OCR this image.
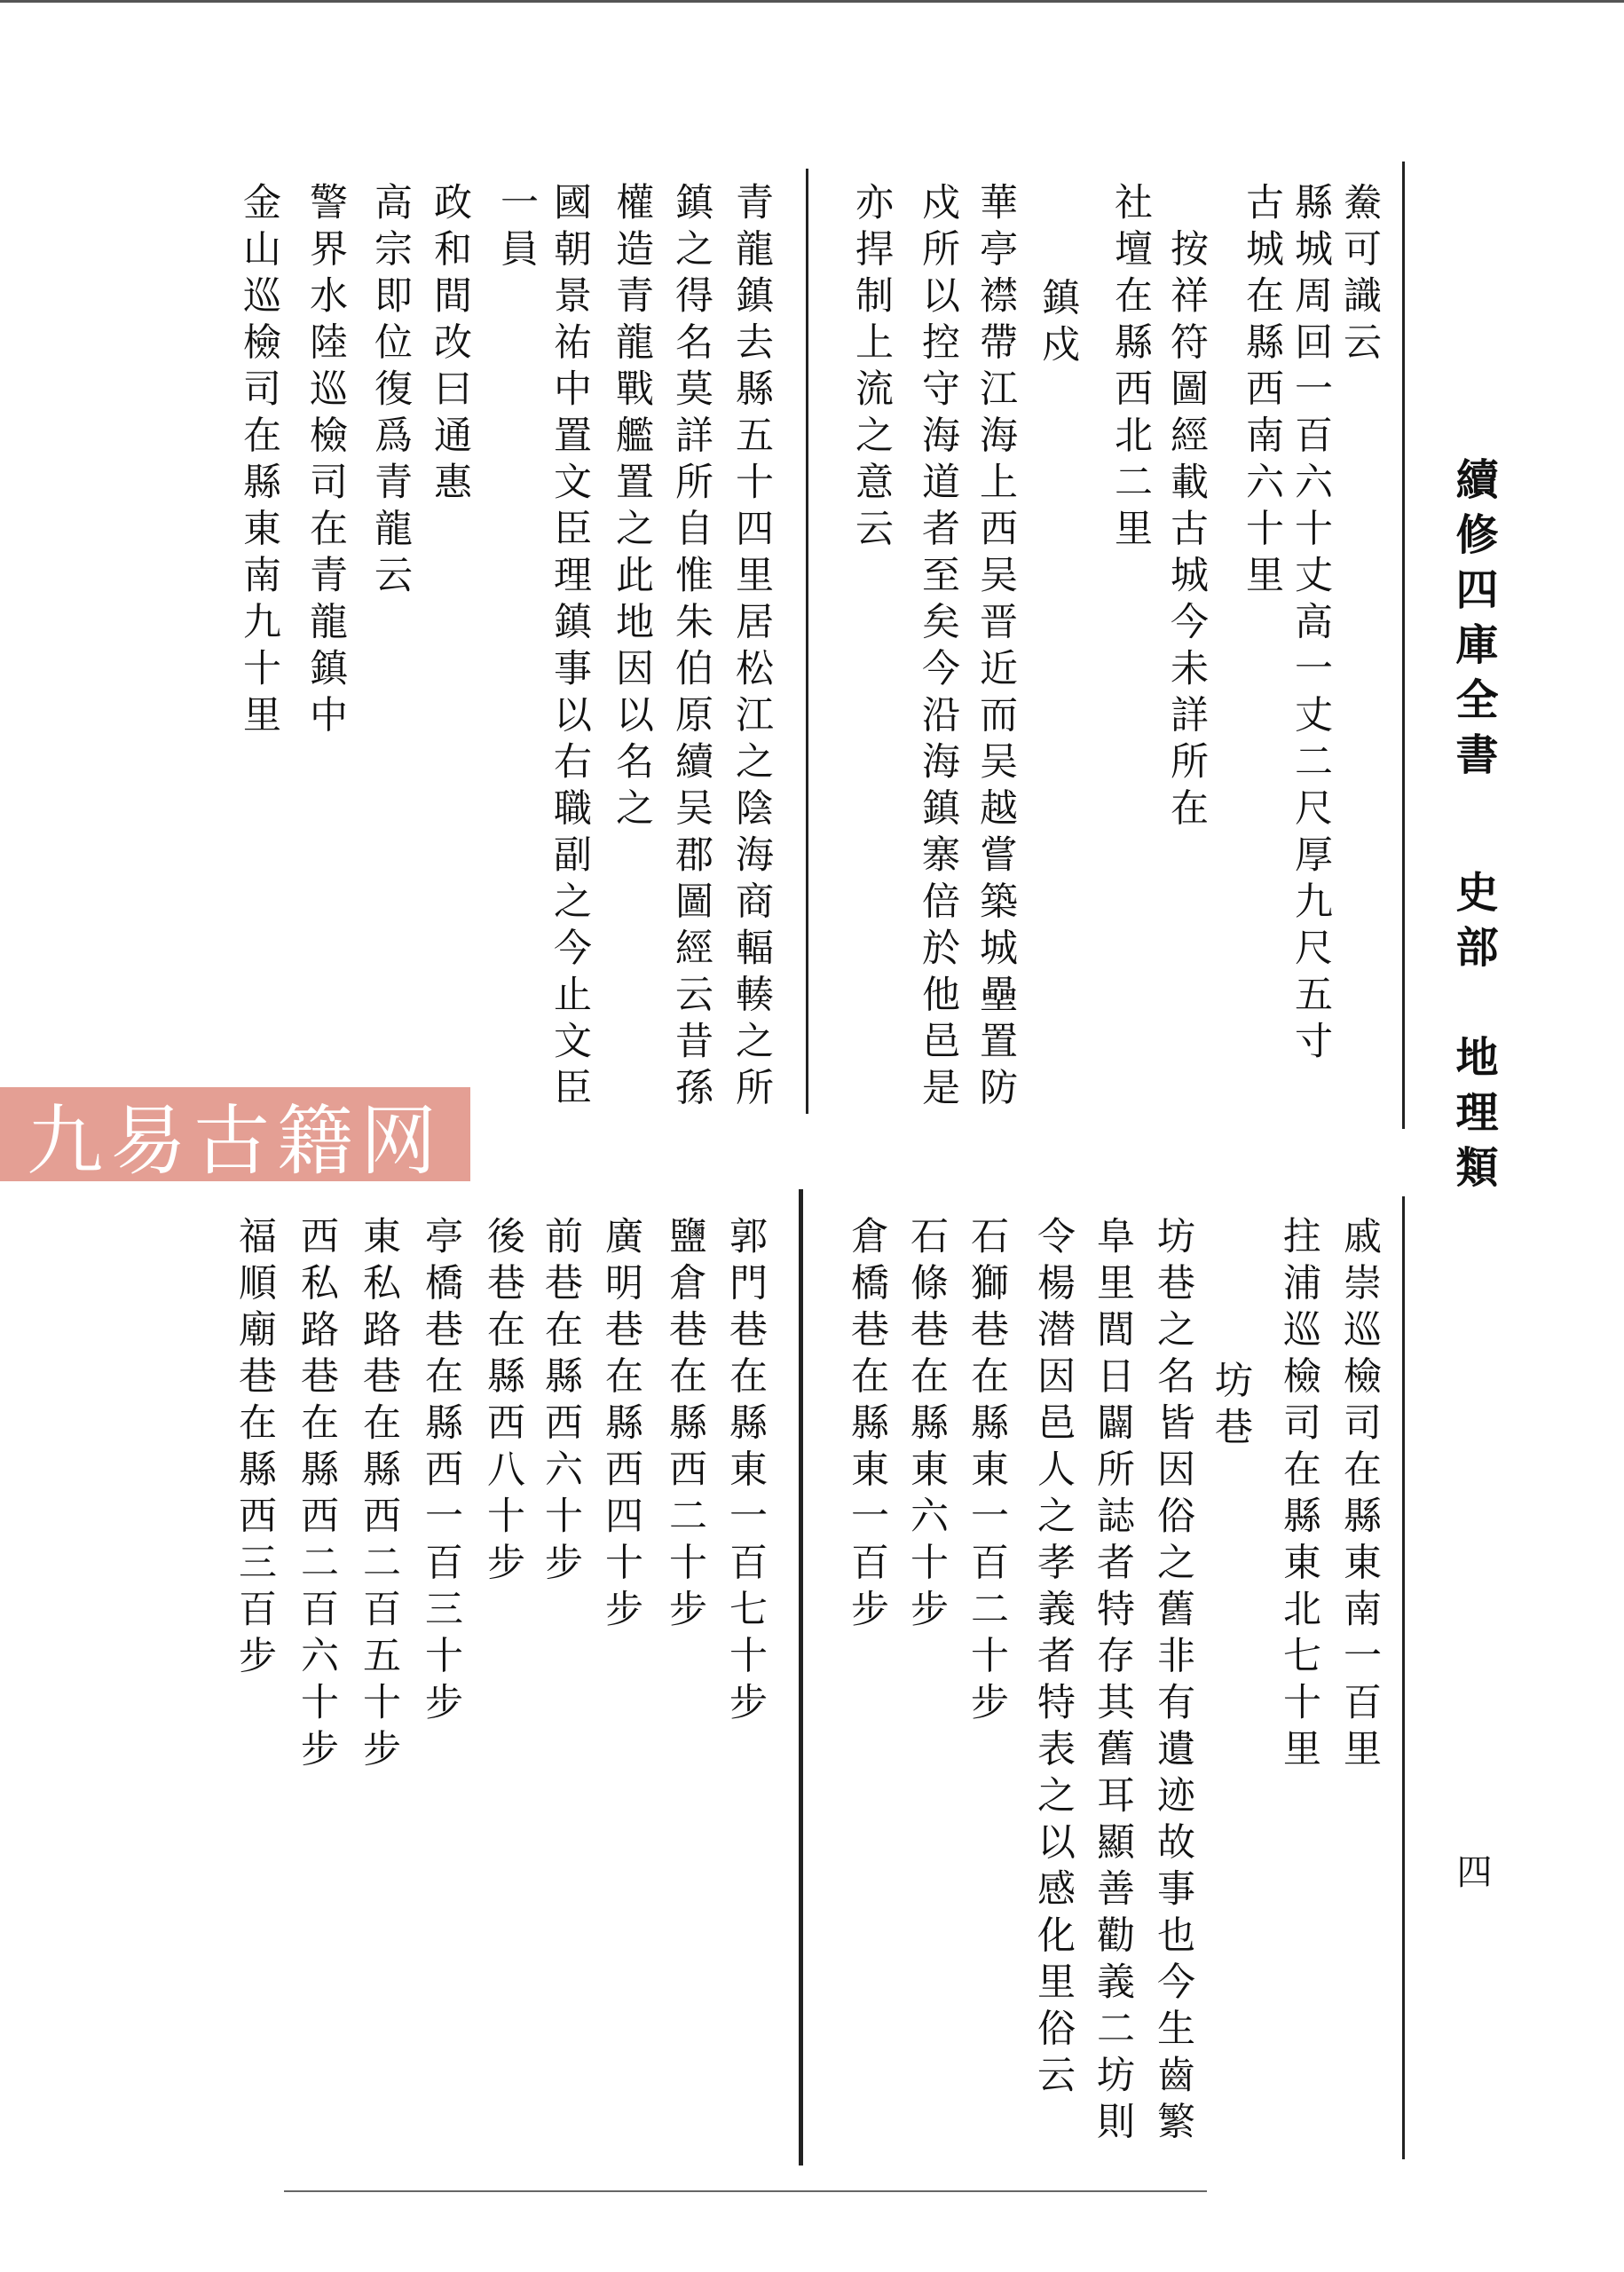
續修四庫全書
史部　地理類
四
鮝可識云
縣城周回一百六十丈高一丈二尺厚九尺五寸
古城在縣西南六十里
　按祥符圖經載古城今未詳所在
社壇在縣西北二里
　鎮戍
華亭襟帶江海上西吴晋近而吴越嘗築城壘置防
戍所以控守海道者至矣今沿海鎮寨倍於他邑是
亦捍制上流之意云
青龍鎮去縣五十四里居松江之陰海商輻輳之所
鎮之得名莫詳所自惟朱伯原續吴郡圖經云昔孫
權造青龍戰艦置之此地因以名之
國朝景祐中置文臣理鎮事以右職副之今止文臣
一員
政和間改曰通惠
高宗即位復爲青龍云
警界水陸巡檢司在青龍鎮中
金山巡檢司在縣東南九十里
戚崇巡檢司在縣東南一百里
拄浦巡檢司在縣東北七十里
　坊巷
坊巷之名皆因俗之舊非有遺迹故事也今生齒繁
阜里閭日闢所誌者特存其舊耳顯善勸義二坊則
令楊潜因邑人之孝義者特表之以感化里俗云
石獅巷在縣東一百二十步
石條巷在縣東六十步
倉橋巷在縣東一百步
郭門巷在縣東一百七十步
鹽倉巷在縣西二十步
廣明巷在縣西四十步
前巷在縣西六十步
後巷在縣西八十步
亭橋巷在縣西一百三十步
東私路巷在縣西二百五十步
西私路巷在縣西二百六十步
福順廟巷在縣西三百步
九易古籍网
